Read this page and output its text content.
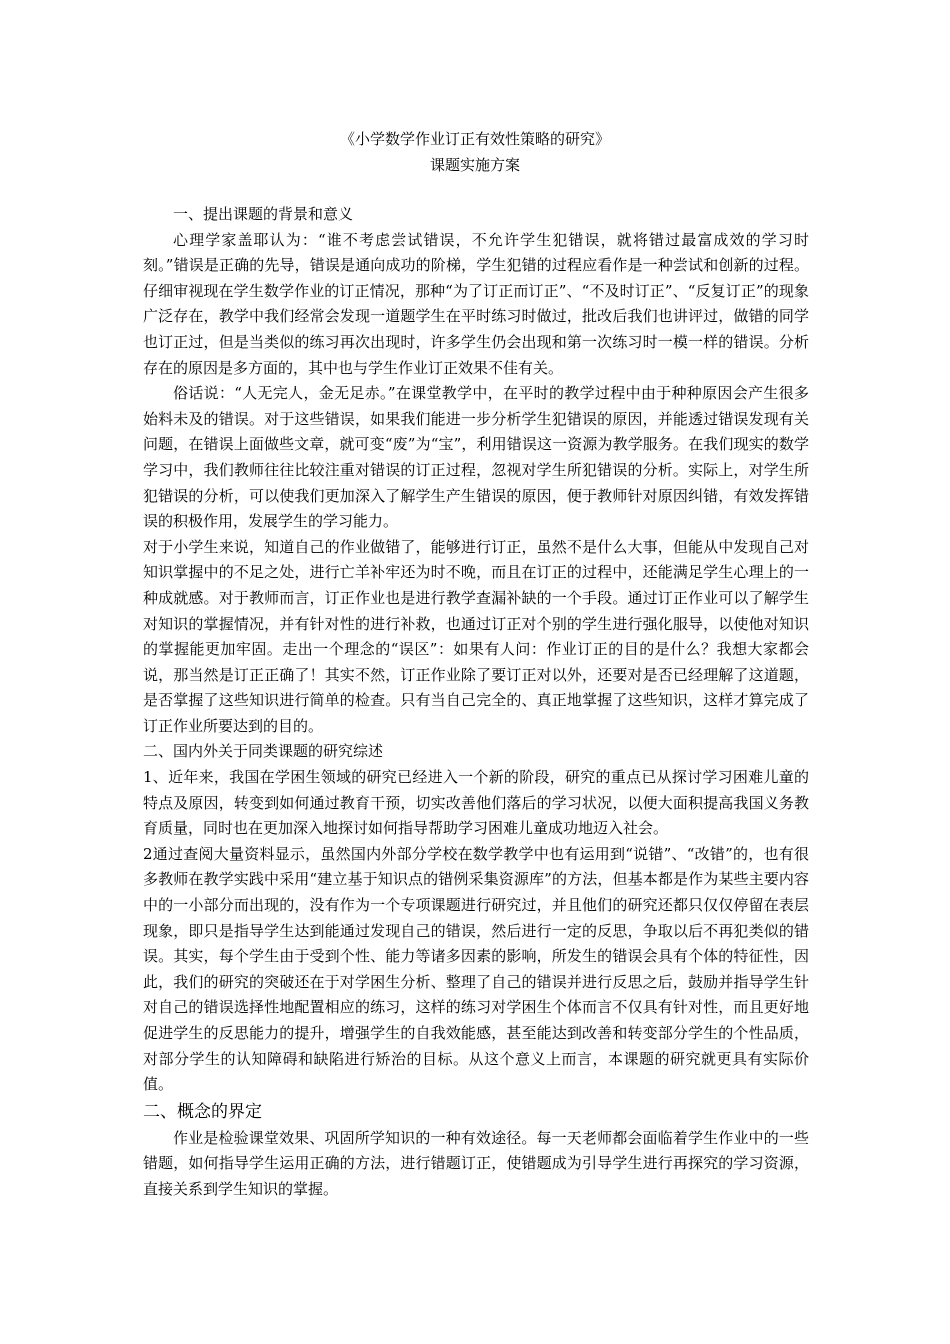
《小学数学作业订正有效性策略的研究》
课题实施方案

一、提出课题的背景和意义

心理学家盖耶认为：“谁不考虑尝试错误，不允许学生犯错误，就将错过最富成效的学习时刻。”错误是正确的先导，错误是通向成功的阶梯，学生犯错的过程应看作是一种尝试和创新的过程。仔细审视现在学生数学作业的订正情况，那种“为了订正而订正”、“不及时订正”、“反复订正”的现象广泛存在，教学中我们经常会发现一道题学生在平时练习时做过，批改后我们也讲评过，做错的同学也订正过，但是当类似的练习再次出现时，许多学生仍会出现和第一次练习时一模一样的错误。分析存在的原因是多方面的，其中也与学生作业订正效果不佳有关。

俗话说：“人无完人，金无足赤。”在课堂教学中，在平时的教学过程中由于种种原因会产生很多始料未及的错误。对于这些错误，如果我们能进一步分析学生犯错误的原因，并能透过错误发现有关问题，在错误上面做些文章，就可变“废”为“宝”，利用错误这一资源为教学服务。在我们现实的数学学习中，我们教师往往比较注重对错误的订正过程，忽视对学生所犯错误的分析。实际上，对学生所犯错误的分析，可以使我们更加深入了解学生产生错误的原因，便于教师针对原因纠错，有效发挥错误的积极作用，发展学生的学习能力。

对于小学生来说，知道自己的作业做错了，能够进行订正，虽然不是什么大事，但能从中发现自己对知识掌握中的不足之处，进行亡羊补牢还为时不晚，而且在订正的过程中，还能满足学生心理上的一种成就感。对于教师而言，订正作业也是进行教学查漏补缺的一个手段。通过订正作业可以了解学生对知识的掌握情况，并有针对性的进行补救，也通过订正对个别的学生进行强化服导，以使他对知识的掌握能更加牢固。走出一个理念的“误区”：如果有人问：作业订正的目的是什么？我想大家都会说，那当然是订正正确了！其实不然，订正作业除了要订正对以外，还要对是否已经理解了这道题，是否掌握了这些知识进行简单的检查。只有当自己完全的、真正地掌握了这些知识，这样才算完成了订正作业所要达到的目的。

二、国内外关于同类课题的研究综述

1、近年来，我国在学困生领域的研究已经进入一个新的阶段，研究的重点已从探讨学习困难儿童的特点及原因，转变到如何通过教育干预，切实改善他们落后的学习状况，以便大面积提高我国义务教育质量，同时也在更加深入地探讨如何指导帮助学习困难儿童成功地迈入社会。

2通过查阅大量资料显示，虽然国内外部分学校在数学教学中也有运用到“说错”、“改错”的，也有很多教师在教学实践中采用“建立基于知识点的错例采集资源库”的方法，但基本都是作为某些主要内容中的一小部分而出现的，没有作为一个专项课题进行研究过，并且他们的研究还都只仅仅停留在表层现象，即只是指导学生达到能通过发现自己的错误，然后进行一定的反思，争取以后不再犯类似的错误。其实，每个学生由于受到个性、能力等诸多因素的影响，所发生的错误会具有个体的特征性，因此，我们的研究的突破还在于对学困生分析、整理了自己的错误并进行反思之后，鼓励并指导学生针对自己的错误选择性地配置相应的练习，这样的练习对学困生个体而言不仅具有针对性，而且更好地促进学生的反思能力的提升，增强学生的自我效能感，甚至能达到改善和转变部分学生的个性品质，对部分学生的认知障碍和缺陷进行矫治的目标。从这个意义上而言，本课题的研究就更具有实际价值。

二、概念的界定

作业是检验课堂效果、巩固所学知识的一种有效途径。每一天老师都会面临着学生作业中的一些错题，如何指导学生运用正确的方法，进行错题订正，使错题成为引导学生进行再探究的学习资源，直接关系到学生知识的掌握。
